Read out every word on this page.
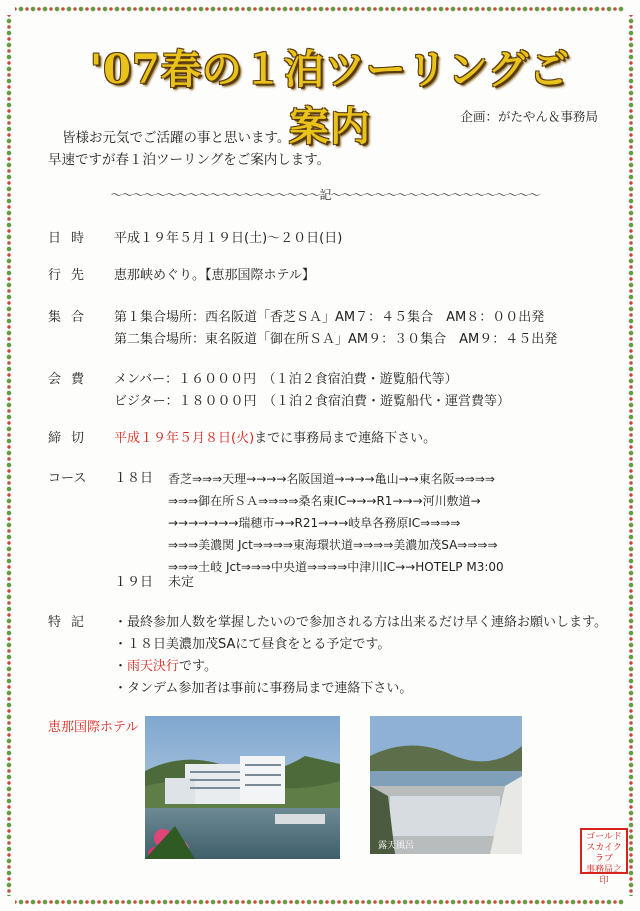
'07春の１泊ツーリングご案内	企画：がたやん＆事務局
皆様お元気でご活躍の事と思います。
早速ですが春１泊ツーリングをご案内します。
〜〜〜〜〜〜〜〜〜〜〜〜〜〜〜〜〜〜〜記〜〜〜〜〜〜〜〜〜〜〜〜〜〜〜〜〜〜〜
日時 平成１９年５月１９日(土)〜２０日(日)
行先 恵那峡めぐり。【恵那国際ホテル】
集合 第１集合場所：西名阪道「香芝ＳＡ」AM７：４５集合　AM８：００出発
第二集合場所：東名阪道「御在所ＳＡ」AM９：３０集合　AM９：４５出発
会費 メンバー：１６０００円　（１泊２食宿泊費・遊覧船代等）
ビジター：１８０００円　（１泊２食宿泊費・遊覧船代・運営費等）
締切 平成１９年５月８日(火)までに事務局まで連絡下さい。
コース	１８日 香芝⇒⇒⇒天理→→→→名阪国道→→→→亀山→→東名阪⇒⇒⇒⇒
⇒⇒⇒御在所ＳＡ⇒⇒⇒⇒桑名東IC→→→R1→→→河川敷道→
→→→→→→→瑞穂市→→R21→→→岐阜各務原IC⇒⇒⇒⇒
⇒⇒⇒美濃関 Jct⇒⇒⇒⇒東海環状道⇒⇒⇒⇒美濃加茂SA⇒⇒⇒⇒
⇒⇒⇒土岐 Jct⇒⇒⇒中央道⇒⇒⇒⇒中津川IC→→HOTELP M3:00
１９日 未定
特記 ・最終参加人数を掌握したいので参加される方は出来るだけ早く連絡お願いします。
・１８日美濃加茂SAにて昼食をとる予定です。
・雨天決行です。
・タンデム参加者は事前に事務局まで連絡下さい。
恵那国際ホテル
露天風呂
ゴールド
スカイクラブ
事務局之印
